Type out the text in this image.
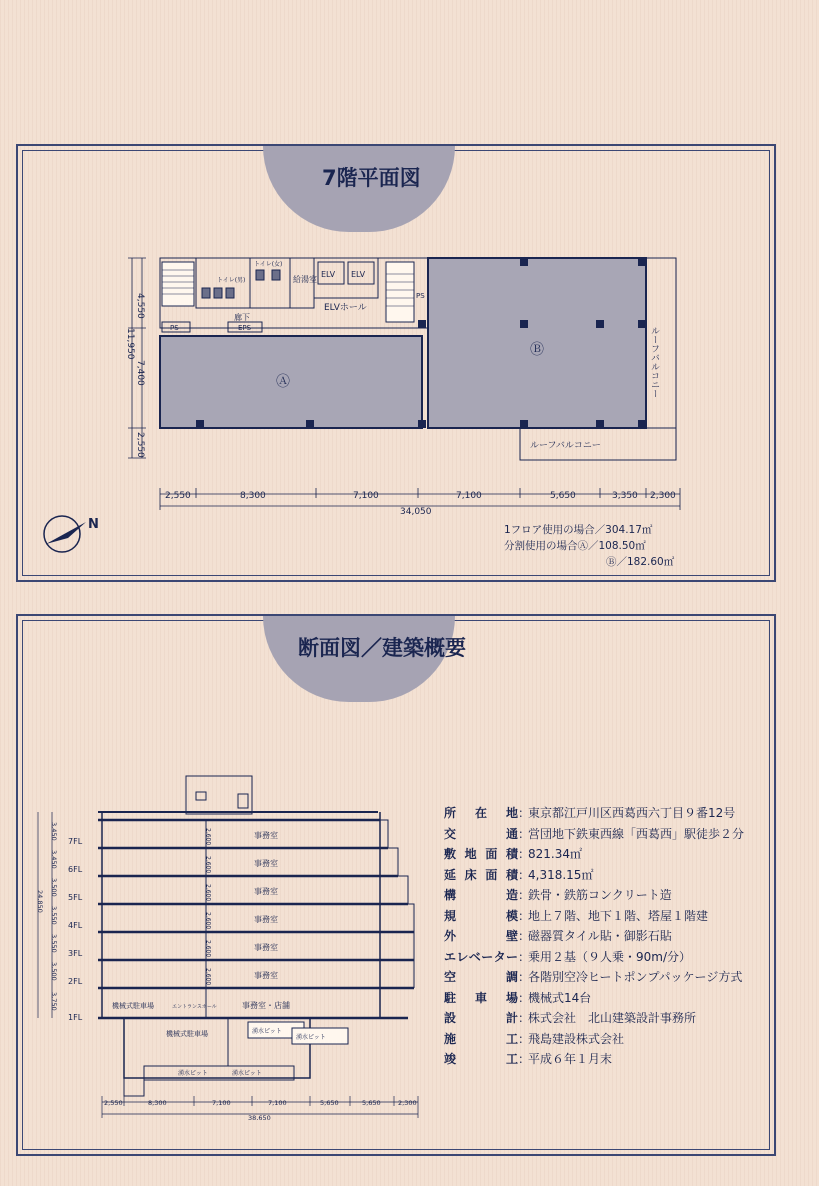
7階平面図
トイレ(男)
トイレ(女)
給湯室
廊下
ELV ELV
ELVホール
PS	EPS
PS
Ⓐ
Ⓑ	ルーフバルコニー
ルーフバルコニー
4,550
11,950
7,400
2,550
2,550	8,300	7,100	7,100	5,650	3,350 2,300
34,050
N	1フロア使用の場合／304.17㎡
分割使用の場合Ⓐ／108.50㎡
Ⓑ／182.60㎡
断面図／建築概要
7FL
6FL
5FL
4FL
3FL
2FL
1FL
3,450
3,450
3,500
3,550
3,550
3,500
3,750
24,850
2,600
2,600
2,600
2,600
2,600
2,600
事務室
事務室
事務室
事務室
事務室
事務室
事務室・店舗
機械式駐車場	エントランスホール
機械式駐車場	湧水ピット
湧水ピット
湧水ピット	湧水ピット
2,550	8,300	7,100	7,100	5,650	5,650	2,300
38,650
所在地 ：
東京都江戸川区西葛西六丁目９番12号
交通 ：
営団地下鉄東西線「西葛西」駅徒歩２分
敷地面積 ：
821.34㎡
延床面積 ：
4,318.15㎡
構造 ：
鉄骨・鉄筋コンクリート造
規模 ：
地上７階、地下１階、塔屋１階建
外壁 ：
磁器質タイル貼・御影石貼
エレベーター ：
乗用２基（９人乗・90m/分）
空調 ：
各階別空冷ヒートポンプパッケージ方式
駐車場 ：
機械式14台
設計 ：
株式会社　北山建築設計事務所
施工 ：
飛島建設株式会社
竣工 ：
平成６年１月末
